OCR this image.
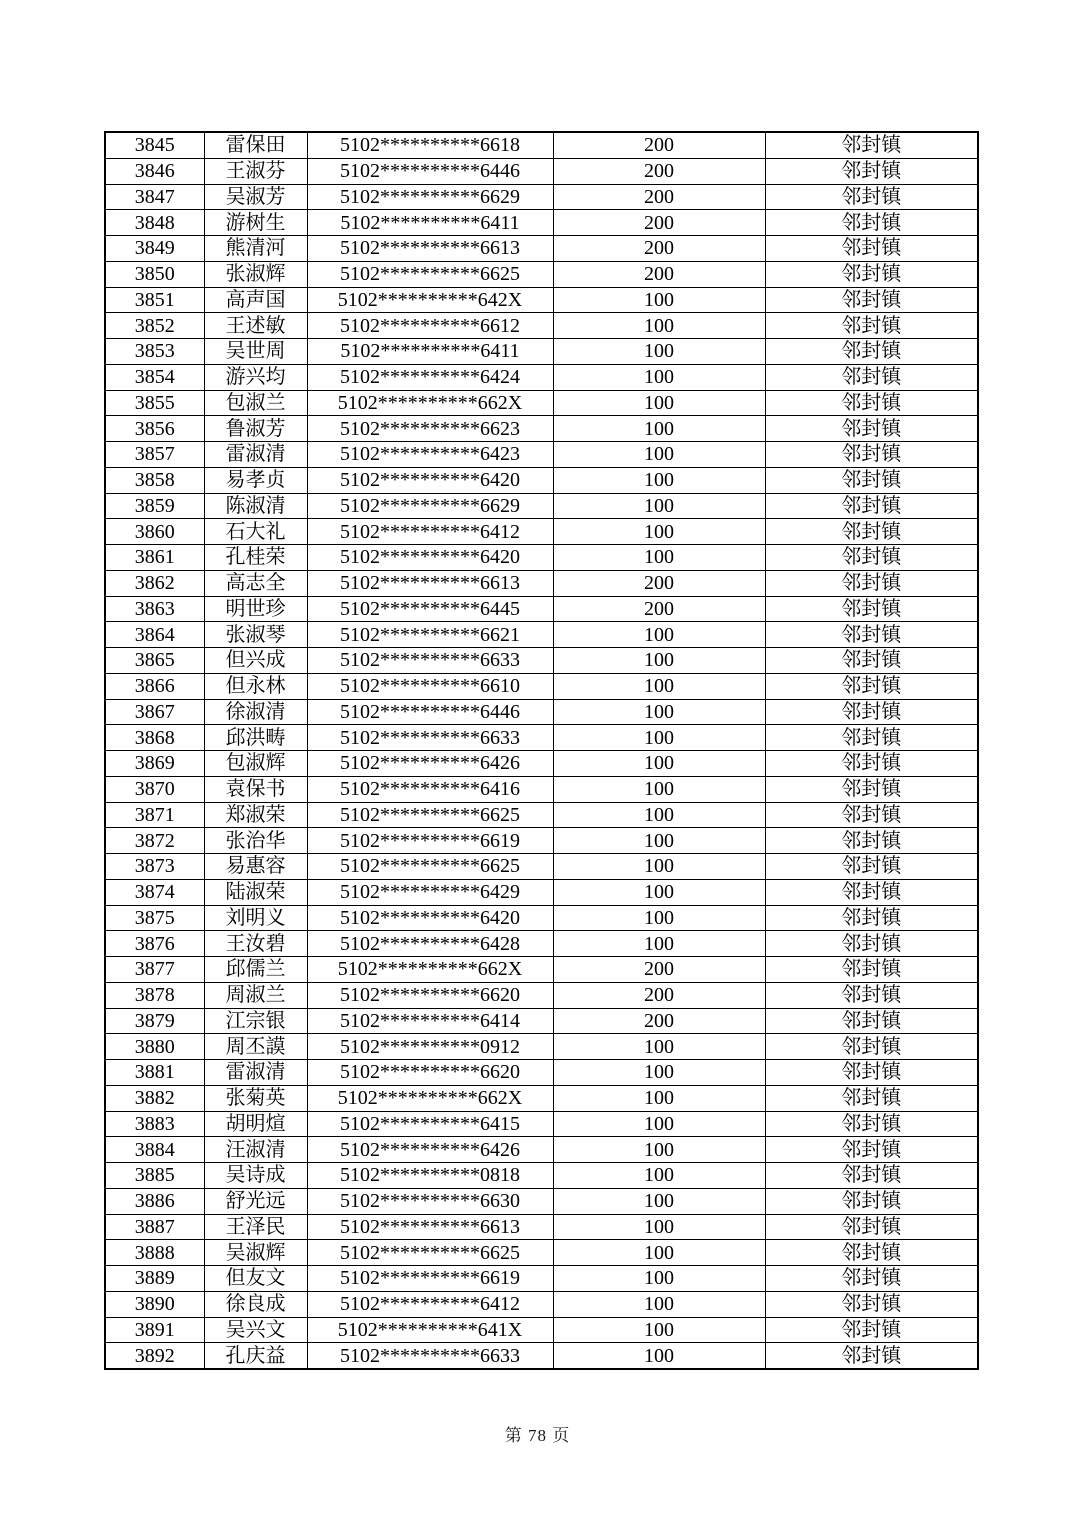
3845	雷保田	5102**********6618	200	邻封镇
3846	王淑芬	5102**********6446	200	邻封镇
3847	吴淑芳	5102**********6629	200	邻封镇
3848	游树生	5102**********6411	200	邻封镇
3849	熊清河	5102**********6613	200	邻封镇
3850	张淑辉	5102**********6625	200	邻封镇
3851	高声国	5102**********642X	100	邻封镇
3852	王述敏	5102**********6612	100	邻封镇
3853	吴世周	5102**********6411	100	邻封镇
3854	游兴均	5102**********6424	100	邻封镇
3855	包淑兰	5102**********662X	100	邻封镇
3856	鲁淑芳	5102**********6623	100	邻封镇
3857	雷淑清	5102**********6423	100	邻封镇
3858	易孝贞	5102**********6420	100	邻封镇
3859	陈淑清	5102**********6629	100	邻封镇
3860	石大礼	5102**********6412	100	邻封镇
3861	孔桂荣	5102**********6420	100	邻封镇
3862	高志全	5102**********6613	200	邻封镇
3863	明世珍	5102**********6445	200	邻封镇
3864	张淑琴	5102**********6621	100	邻封镇
3865	但兴成	5102**********6633	100	邻封镇
3866	但永林	5102**********6610	100	邻封镇
3867	徐淑清	5102**********6446	100	邻封镇
3868	邱洪畴	5102**********6633	100	邻封镇
3869	包淑辉	5102**********6426	100	邻封镇
3870	袁保书	5102**********6416	100	邻封镇
3871	郑淑荣	5102**********6625	100	邻封镇
3872	张治华	5102**********6619	100	邻封镇
3873	易惠容	5102**********6625	100	邻封镇
3874	陆淑荣	5102**********6429	100	邻封镇
3875	刘明义	5102**********6420	100	邻封镇
3876	王汝碧	5102**********6428	100	邻封镇
3877	邱儒兰	5102**********662X	200	邻封镇
3878	周淑兰	5102**********6620	200	邻封镇
3879	江宗银	5102**********6414	200	邻封镇
3880	周丕謨	5102**********0912	100	邻封镇
3881	雷淑清	5102**********6620	100	邻封镇
3882	张菊英	5102**********662X	100	邻封镇
3883	胡明煊	5102**********6415	100	邻封镇
3884	汪淑清	5102**********6426	100	邻封镇
3885	吴诗成	5102**********0818	100	邻封镇
3886	舒光远	5102**********6630	100	邻封镇
3887	王泽民	5102**********6613	100	邻封镇
3888	吴淑辉	5102**********6625	100	邻封镇
3889	但友文	5102**********6619	100	邻封镇
3890	徐良成	5102**********6412	100	邻封镇
3891	吴兴文	5102**********641X	100	邻封镇
3892	孔庆益	5102**********6633	100	邻封镇
第 78 页
